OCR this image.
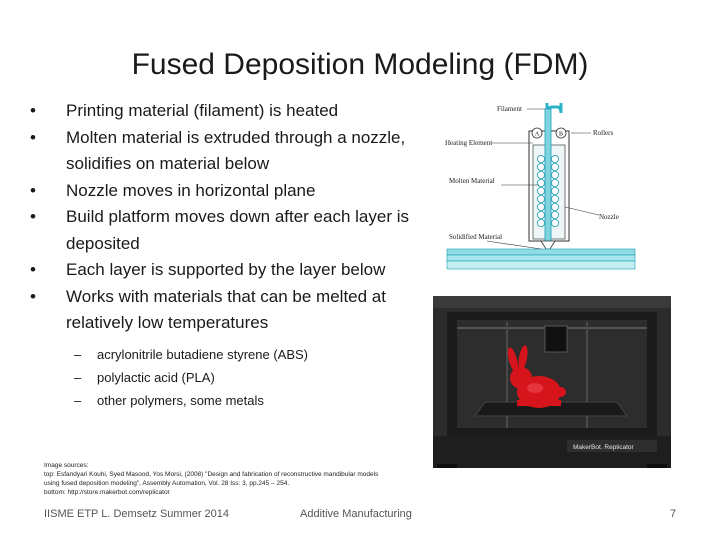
Fused Deposition Modeling (FDM)
• Printing material (filament) is heated
• Molten material is extruded through a nozzle, solidifies on material below
• Nozzle moves in horizontal plane
• Build platform moves down after each layer is deposited
• Each layer is supported by the layer below
• Works with materials that can be melted at relatively low temperatures
– acrylonitrile butadiene styrene (ABS)
– polylactic acid (PLA)
– other polymers, some metals
A	B
Filament
Heating Element
Rollers
Molten Material
Nozzle
Solidified Material
MakerBot. Replicator
Image sources:
top: Esfandyari Kouhi, Syed Masood, Yos Morsi, (2008) "Design and fabrication of reconstructive mandibular models
using fused deposition modeling", Assembly Automation, Vol. 28 Iss: 3, pp.245 – 254.
bottom: http://store.makerbot.com/replicator
IISME ETP L. Demsetz Summer 2014	Additive Manufacturing	7
